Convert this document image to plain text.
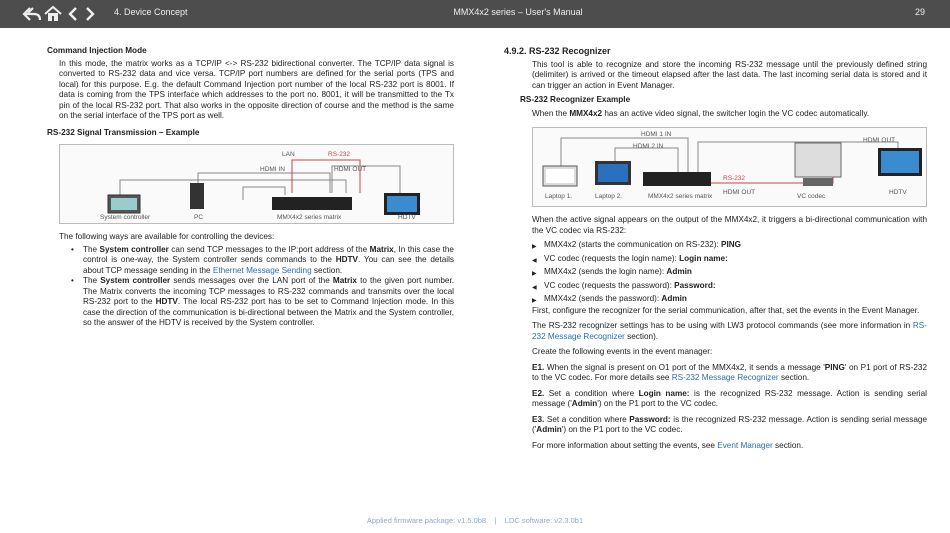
4. Device Concept	MMX4x2 series – User's Manual	29

Command Injection Mode

In this mode, the matrix works as a TCP/IP <-> RS-232 bidirectional converter. The TCP/IP data signal is converted to RS-232 data and vice versa. TCP/IP port numbers are defined for the serial ports (TPS and local) for this purpose. E.g. the default Command Injection port number of the local RS-232 port is 8001. If data is coming from the TPS interface which addresses to the port no. 8001, it will be transmitted to the Tx pin of the local RS-232 port. That also works in the opposite direction of course and the method is the same on the serial interface of the TPS port as well.

RS-232 Signal Transmission – Example

LAN	RS-232
HDMI IN	HDMI OUT
System controller	PC	MMX4x2 series matrix	HDTV

The following ways are available for controlling the devices:

• The System controller can send TCP messages to the IP:port address of the Matrix, In this case the control is one-way, the System controller sends commands to the HDTV. You can see the details about TCP message sending in the Ethernet Message Sending section.
• The System controller sends messages over the LAN port of the Matrix to the given port number. The Matrix converts the incoming TCP messages to RS-232 commands and transmits over the local RS-232 port to the HDTV. The local RS-232 port has to be set to Command Injection mode. In this case the direction of the communication is bi-directional between the Matrix and the System controller, so the answer of the HDTV is received by the System controller.

4.9.2. RS-232 Recognizer

This tool is able to recognize and store the incoming RS-232 message until the previously defined string (delimiter) is arrived or the timeout elapsed after the last data. The last incoming serial data is stored and it can trigger an action in Event Manager.

RS-232 Recognizer Example

When the MMX4x2 has an active video signal, the switcher login the VC codec automatically.

HDMI 1 IN
HDMI 2 IN
HDMI OUT
RS-232
HDMI OUT
Laptop 1.	Laptop 2.	MMX4x2 series matrix	VC codec
HDTV

When the active signal appears on the output of the MMX4x2, it triggers a bi-directional communication with the VC codec via RS-232:

▶ MMX4x2 (starts the communication on RS-232): PING
◀ VC codec (requests the login name): Login name:
▶ MMX4x2 (sends the login name): Admin
◀ VC codec (requests the password): Password:
▶ MMX4x2 (sends the password): Admin

First, configure the recognizer for the serial communication, after that, set the events in the Event Manager.

The RS-232 recognizer settings has to be using with LW3 protocol commands (see more information in RS-232 Message Recognizer section).

Create the following events in the event manager:

E1. When the signal is present on O1 port of the MMX4x2, it sends a message 'PING' on P1 port of RS-232 to the VC codec. For more details see RS-232 Message Recognizer section.

E2. Set a condition where Login name: is the recognized RS-232 message. Action is sending serial message ('Admin') on the P1 port to the VC codec.

E3. Set a condition where Password: is the recognized RS-232 message. Action is sending serial message ('Admin') on the P1 port to the VC codec.

For more information about setting the events, see Event Manager section.

Applied firmware package: v1.5.0b8 | LDC software: v2.3.0b1
